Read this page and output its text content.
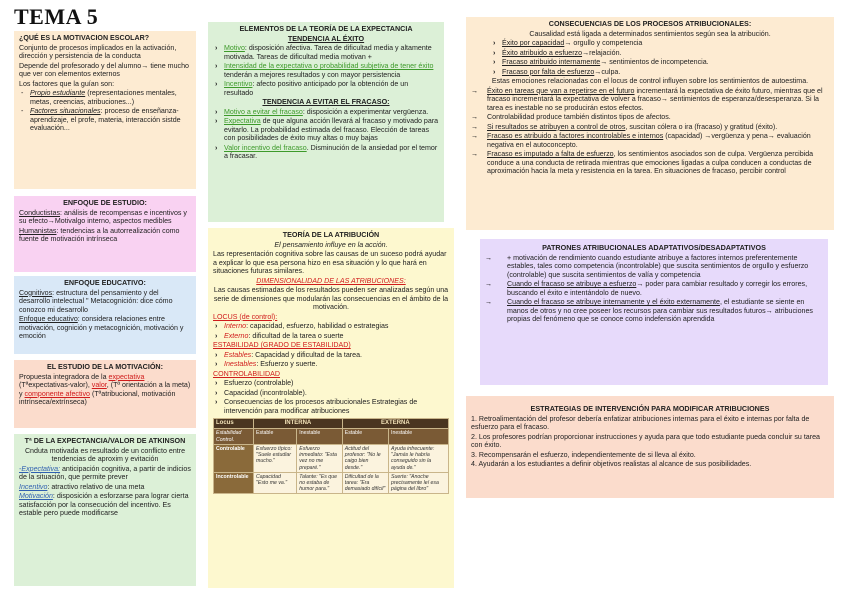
TEMA 5

¿QUÉ ES LA MOTIVACION ESCOLAR?

Conjunto de procesos implicados en la activación, dirección y persistencia de la conducta

Depende del profesorado y del alumno→ tiene mucho que ver con elementos externos

Los factores que la guían son:

- Propio estudiante (representaciones mentales, metas, creencias, atribuciones...)
- Factores situacionales: proceso de enseñanza-aprendizaje, el profe, materia, interacción sistde evaluación...

ENFOQUE DE ESTUDIO:

Conductistas: análisis de recompensas e incentivos y su efecto→Motivalgo interno, aspectos medibles

Humanistas: tendencias a la autorrealización como fuente de motivación intrínseca

ENFOQUE EDUCATIVO:

Cognitivos: estructura del pensamiento y del desarrollo intelectual " Metacognición: dice cómo conozco mi desarrollo

Enfoque educativo: considera relaciones entre motivación, cognición y metacognición, motivación y emoción

EL ESTUDIO DE LA MOTIVACIÓN:

Propuesta integradora de la expectativa (Tªexpectativas-valor), valor, (Tª orientación a la meta) y componente afectivo (Tªatribucional, motivación intrínseca/extrínseca)

Tª DE LA EXPECTANCIA/VALOR DE ATKINSON

Cnduta motivada es resultado de un conflicto entre tendencias de aproxim y evitación

-Expectativa: anticipación cognitiva, a partir de indicios de la situación, que permite prever

Incentivo: atractivo relativo de una meta

Motivación: disposición a esforzarse para lograr cierta satisfacción por la consecución del incentivo. Es estable pero puede modificarse

ELEMENTOS DE LA TEORÍA DE LA EXPECTANCIA

TENDENCIA AL ÉXITO

› Motivo: disposición afectiva. Tarea de dificultad media y altamente motivada. Tareas de dificultad media motivan +
› Intensidad de la expectativa o probabilidad subjetiva de tener éxito tenderán a mejores resultados y con mayor persistencia
› Incentivo: afecto positivo anticipado por la obtención de un resultado

TENDENCIA A EVITAR EL FRACASO:

› Motivo a evitar el fracaso: disposición a experimentar vergüenza.
› Expectativa de que alguna acción llevará al fracaso y motivado para evitarlo. La probabilidad estimada del fracaso. Elección de tareas con posibilidades de éxito muy altas o muy bajas
› Valor incentivo del fracaso. Disminución de la ansiedad por el temor a fracasar.

TEORÍA DE LA ATRIBUCIÓN

El pensamiento influye en la acción.

Las representación cognitiva sobre las causas de un suceso podrá ayudar a explicar lo que esa persona hizo en esa situación y lo que hará en situaciones futuras similares.

DIMENSIONALIDAD DE LAS ATRIBUCIONES:

Las causas estimadas de los resultados pueden ser analizadas según una serie de dimensiones que modularán las consecuencias en el ámbito de la motivación.

LOCUS (de control):

› Interno: capacidad, esfuerzo, habilidad o estrategias
› Externo: dificultad de la tarea o suerte

ESTABILIDAD (GRADO DE ESTABILIDAD)

› Estables: Capacidad y dificultad de la tarea.
› Inestables: Esfuerzo y suerte.

CONTROLABILIDAD

› Esfuerzo (controlable)
› Capacidad (incontrolable).
› Consecuencias de los procesos atribucionales Estrategias de intervención para modificar atribuciones
Locus	INTERNA		EXTERNA	
Estabilidad Control.	Estable	Inestable	Estable	Inestable
Controlable	Esfuerzo típico: "Suele estudiar mucho."	Esfuerzo inmediato: "Esta vez no me preparé."	Actitud del profesor: "No le caigo bien desde."	Ayuda infrecuente: "Jamás le habría conseguido sin la ayuda de."
Incontrolable	Capacidad "Esto me va."	Talante: "Es que no estaba de humor para."	Dificultad de la tarea: "Era demasiado difícil"	Suerte: "Anoche precisamente leí esa página del libro"

CONSECUENCIAS DE LOS PROCESOS ATRIBUCIONALES:

Causalidad está ligada a determinados sentimientos según sea la atribución.

› Éxito por capacidad→ orgullo y competencia
› Éxito atribuido a esfuerzo→relajación.
› Fracaso atribuido internamente→ sentimientos de incompetencia.
› Fracaso por falta de esfuerzo→culpa.

Estas emociones relacionadas con el locus de control influyen sobre los sentimientos de autoestima.

→ Éxito en tareas que van a repetirse en el futuro incrementará la expectativa de éxito futuro, mientras que el fracaso incrementará la expectativa de volver a fracaso→ sentimientos de esperanza/desesperanza. Si la tarea es inestable no se producirán estos efectos.
→ Controlabilidad produce también distintos tipos de afectos.
→ Si resultados se atribuyen a control de otros, suscitan cólera o ira (fracaso) y gratitud (éxito).
→ Fracaso es atribuido a factores incontrolables e internos (capacidad) →vergüenza y pena→ evaluación negativa en el autoconcepto.
→ Fracaso es imputado a falta de esfuerzo, los sentimientos asociados son de culpa. Vergüenza percibida conduce a una conducta de retirada mientras que emociones ligadas a culpa conducen a conductas de aproximación hacia la meta y resistencia en la tarea. En situaciones de fracaso, percibir control

PATRONES ATRIBUCIONALES ADAPTATIVOS/DESADAPTATIVOS

→ + motivación de rendimiento cuando estudiante atribuye a factores internos preferentemente estables, tales como competencia (incontrolable) que suscita sentimientos de orgullo y esfuerzo (controlable) que suscita sentimientos de valía y competencia
→ Cuando el fracaso se atribuye a esfuerzo→ poder para cambiar resultado y corregir los errores, buscando el éxito e intentándolo de nuevo.
→ Cuando el fracaso se atribuye internamente y el éxito externamente, el estudiante se siente en manos de otros y no cree poseer los recursos para cambiar sus resultados futuros→ atribuciones propias del fenómeno que se conoce como indefensión aprendida

ESTRATEGIAS DE INTERVENCIÓN PARA MODIFICAR ATRIBUCIONES

1. Retroalimentación del profesor debería enfatizar atribuciones internas para el éxito e internas por falta de esfuerzo para el fracaso.

2. Los profesores podrían proporcionar instrucciones y ayuda para que todo estudiante pueda concluir su tarea con éxito.

3. Recompensarán el esfuerzo, independientemente de si lleva al éxito.

4. Ayudarán a los estudiantes a definir objetivos realistas al alcance de sus posibilidades.
